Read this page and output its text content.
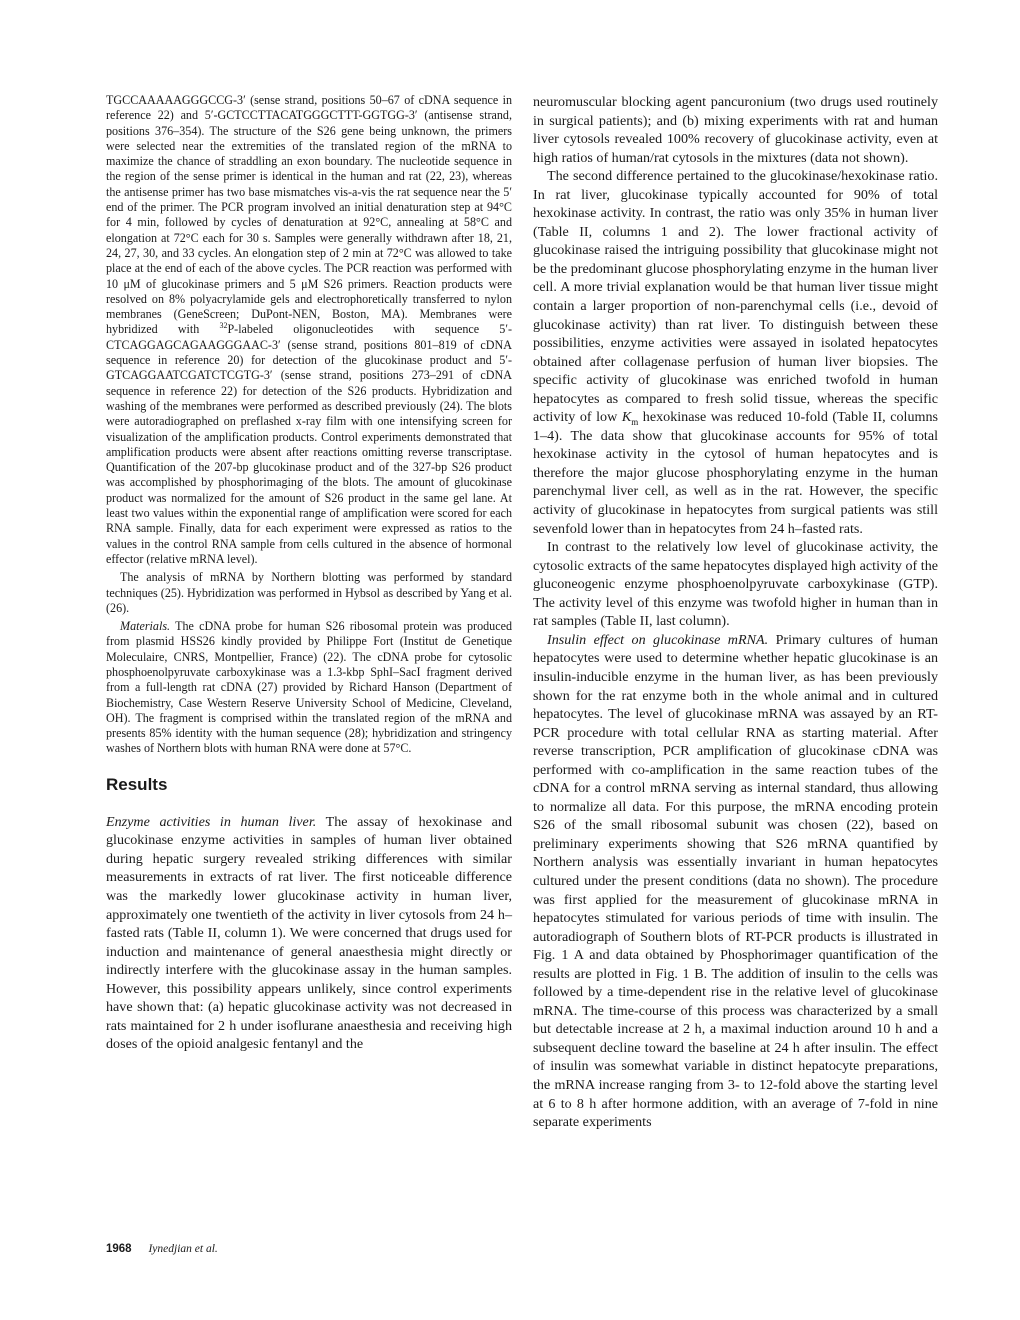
TGCCAAAAAGGGCCG-3′ (sense strand, positions 50–67 of cDNA sequence in reference 22) and 5′-GCTCCTTACATGGGCTTT-GGTGG-3′ (antisense strand, positions 376–354). The structure of the S26 gene being unknown, the primers were selected near the extremities of the translated region of the mRNA to maximize the chance of straddling an exon boundary. The nucleotide sequence in the region of the sense primer is identical in the human and rat (22, 23), whereas the antisense primer has two base mismatches vis-a-vis the rat sequence near the 5′ end of the primer. The PCR program involved an initial denaturation step at 94°C for 4 min, followed by cycles of denaturation at 92°C, annealing at 58°C and elongation at 72°C each for 30 s. Samples were generally withdrawn after 18, 21, 24, 27, 30, and 33 cycles. An elongation step of 2 min at 72°C was allowed to take place at the end of each of the above cycles. The PCR reaction was performed with 10 μM of glucokinase primers and 5 μM S26 primers. Reaction products were resolved on 8% polyacrylamide gels and electrophoretically transferred to nylon membranes (GeneScreen; DuPont-NEN, Boston, MA). Membranes were hybridized with	$^{32}$P-labeled oligonucleotides with sequence 5′-CTCAGGAGCAGAAGGGAAC-3′ (sense strand, positions 801–819 of cDNA sequence in reference 20) for detection of the glucokinase product and 5′-GTCAGGAATCGATCTCGTG-3′ (sense strand, positions 273–291 of cDNA sequence in reference 22) for detection of the S26 products. Hybridization and washing of the membranes were performed as described previously (24). The blots were autoradiographed on preflashed x-ray film with one intensifying screen for visualization of the amplification products. Control experiments demonstrated that amplification products were absent after reactions omitting reverse transcriptase. Quantification of the 207-bp glucokinase product and of the 327-bp S26 product was accomplished by phosphorimaging of the blots. The amount of glucokinase product was normalized for the amount of S26 product in the same gel lane. At least two values within the exponential range of amplification were scored for each RNA sample. Finally, data for each experiment were expressed as ratios to the values in the control RNA sample from cells cultured in the absence of hormonal effector (relative mRNA level).

The analysis of mRNA by Northern blotting was performed by standard techniques (25). Hybridization was performed in Hybsol as described by Yang et al. (26).

Materials. The cDNA probe for human S26 ribosomal protein was produced from plasmid HSS26 kindly provided by Philippe Fort (Institut de Genetique Moleculaire, CNRS, Montpellier, France) (22). The cDNA probe for cytosolic phosphoenolpyruvate carboxykinase was a 1.3-kbp SphI–SacI fragment derived from a full-length rat cDNA (27) provided by Richard Hanson (Department of Biochemistry, Case Western Reserve University School of Medicine, Cleveland, OH). The fragment is comprised within the translated region of the mRNA and presents 85% identity with the human sequence (28); hybridization and stringency washes of Northern blots with human RNA were done at 57°C.

Results

Enzyme activities in human liver. The assay of hexokinase and glucokinase enzyme activities in samples of human liver obtained during hepatic surgery revealed striking differences with similar measurements in extracts of rat liver. The first noticeable difference was the markedly lower glucokinase activity in human liver, approximately one twentieth of the activity in liver cytosols from 24 h–fasted rats (Table II, column 1). We were concerned that drugs used for induction and maintenance of general anaesthesia might directly or indirectly interfere with the glucokinase assay in the human samples. However, this possibility appears unlikely, since control experiments have shown that: (a) hepatic glucokinase activity was not decreased in rats maintained for 2 h under isoflurane anaesthesia and receiving high doses of the opioid analgesic fentanyl and the

neuromuscular blocking agent pancuronium (two drugs used routinely in surgical patients); and (b) mixing experiments with rat and human liver cytosols revealed 100% recovery of glucokinase activity, even at high ratios of human/rat cytosols in the mixtures (data not shown).

The second difference pertained to the glucokinase/hexokinase ratio. In rat liver, glucokinase typically accounted for 90% of total hexokinase activity. In contrast, the ratio was only 35% in human liver (Table II, columns 1 and 2). The lower fractional activity of glucokinase raised the intriguing possibility that glucokinase might not be the predominant glucose phosphorylating enzyme in the human liver cell. A more trivial explanation would be that human liver tissue might contain a larger proportion of non-parenchymal cells (i.e., devoid of glucokinase activity) than rat liver. To distinguish between these possibilities, enzyme activities were assayed in isolated hepatocytes obtained after collagenase perfusion of human liver biopsies. The specific activity of glucokinase was enriched twofold in human hepatocytes as compared to fresh solid tissue, whereas the specific activity of low $K_m$ hexokinase was reduced 10-fold (Table II, columns 1–4). The data show that glucokinase accounts for 95% of total hexokinase activity in the cytosol of human hepatocytes and is therefore the major glucose phosphorylating enzyme in the human parenchymal liver cell, as well as in the rat. However, the specific activity of glucokinase in hepatocytes from surgical patients was still sevenfold lower than in hepatocytes from 24 h–fasted rats.

In contrast to the relatively low level of glucokinase activity, the cytosolic extracts of the same hepatocytes displayed high activity of the gluconeogenic enzyme phosphoenolpyruvate carboxykinase (GTP). The activity level of this enzyme was twofold higher in human than in rat samples (Table II, last column).

Insulin effect on glucokinase mRNA. Primary cultures of human hepatocytes were used to determine whether hepatic glucokinase is an insulin-inducible enzyme in the human liver, as has been previously shown for the rat enzyme both in the whole animal and in cultured hepatocytes. The level of glucokinase mRNA was assayed by an RT-PCR procedure with total cellular RNA as starting material. After reverse transcription, PCR amplification of glucokinase cDNA was performed with co-amplification in the same reaction tubes of the cDNA for a control mRNA serving as internal standard, thus allowing to normalize all data. For this purpose, the mRNA encoding protein S26 of the small ribosomal subunit was chosen (22), based on preliminary experiments showing that S26 mRNA quantified by Northern analysis was essentially invariant in human hepatocytes cultured under the present conditions (data no shown). The procedure was first applied for the measurement of glucokinase mRNA in hepatocytes stimulated for various periods of time with insulin. The autoradiograph of Southern blots of RT-PCR products is illustrated in Fig. 1 A and data obtained by Phosphorimager quantification of the results are plotted in Fig. 1 B. The addition of insulin to the cells was followed by a time-dependent rise in the relative level of glucokinase mRNA. The time-course of this process was characterized by a small but detectable increase at 2 h, a maximal induction around 10 h and a subsequent decline toward the baseline at 24 h after insulin. The effect of insulin was somewhat variable in distinct hepatocyte preparations, the mRNA increase ranging from 3- to 12-fold above the starting level at 6 to 8 h after hormone addition, with an average of 7-fold in nine separate experiments

1968 Iynedjian et al.
